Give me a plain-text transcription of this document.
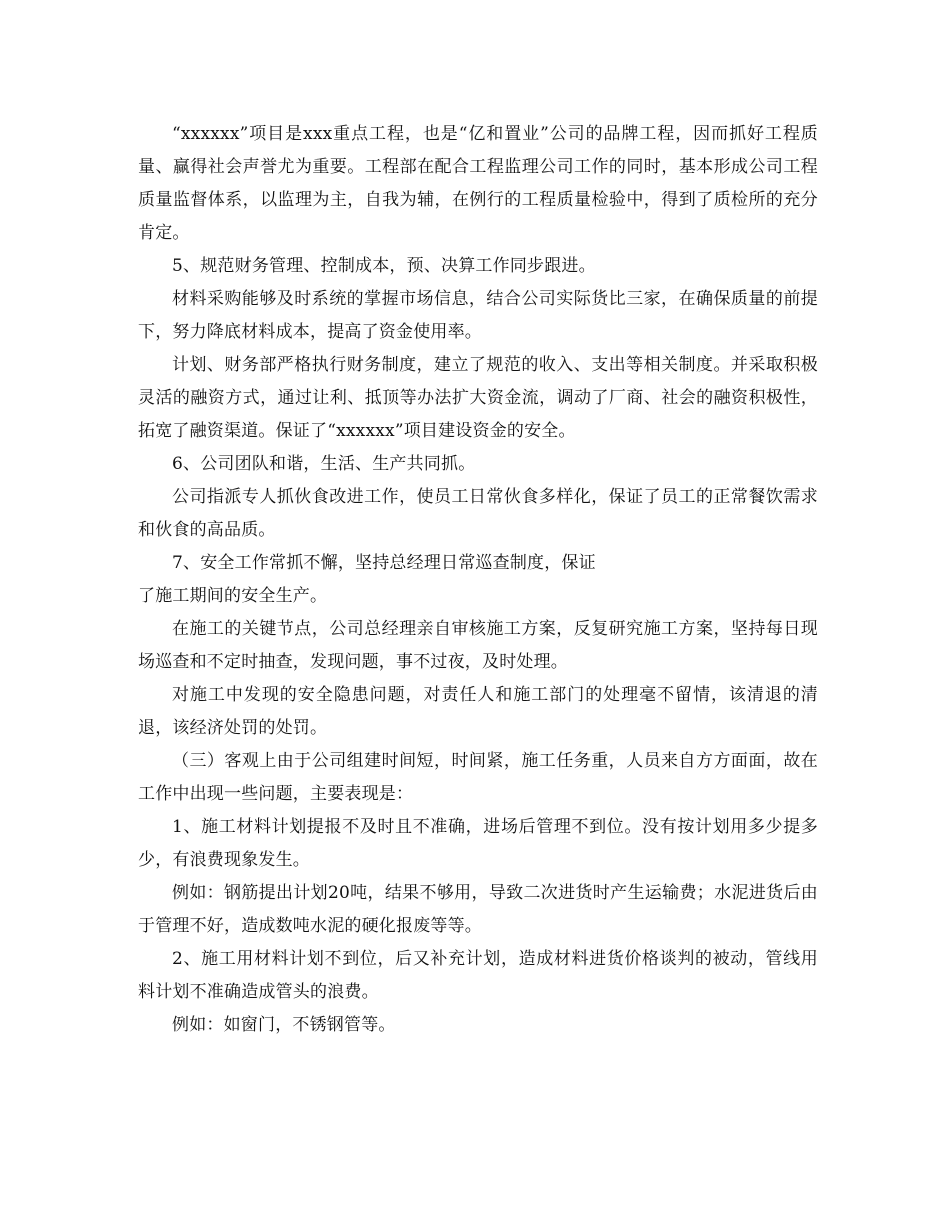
“xxxxxx”项目是xxx重点工程，也是“亿和置业”公司的品牌工程，因而抓好工程质量、赢得社会声誉尤为重要。工程部在配合工程监理公司工作的同时，基本形成公司工程质量监督体系，以监理为主，自我为辅，在例行的工程质量检验中，得到了质检所的充分肯定。

5、规范财务管理、控制成本，预、决算工作同步跟进。

材料采购能够及时系统的掌握市场信息，结合公司实际货比三家，在确保质量的前提下，努力降底材料成本，提高了资金使用率。

计划、财务部严格执行财务制度，建立了规范的收入、支出等相关制度。并采取积极灵活的融资方式，通过让利、抵顶等办法扩大资金流，调动了厂商、社会的融资积极性，拓宽了融资渠道。保证了“xxxxxx”项目建设资金的安全。

6、公司团队和谐，生活、生产共同抓。

公司指派专人抓伙食改进工作，使员工日常伙食多样化，保证了员工的正常餐饮需求和伙食的高品质。

7、安全工作常抓不懈，坚持总经理日常巡查制度，保证

了施工期间的安全生产。

在施工的关键节点，公司总经理亲自审核施工方案，反复研究施工方案，坚持每日现场巡查和不定时抽查，发现问题，事不过夜，及时处理。

对施工中发现的安全隐患问题，对责任人和施工部门的处理毫不留情，该清退的清退，该经济处罚的处罚。

（三）客观上由于公司组建时间短，时间紧，施工任务重，人员来自方方面面，故在工作中出现一些问题，主要表现是：

1、施工材料计划提报不及时且不准确，进场后管理不到位。没有按计划用多少提多少，有浪费现象发生。

例如：钢筋提出计划20吨，结果不够用，导致二次进货时产生运输费；水泥进货后由于管理不好，造成数吨水泥的硬化报废等等。

2、施工用材料计划不到位，后又补充计划，造成材料进货价格谈判的被动，管线用料计划不准确造成管头的浪费。

例如：如窗门，不锈钢管等。
